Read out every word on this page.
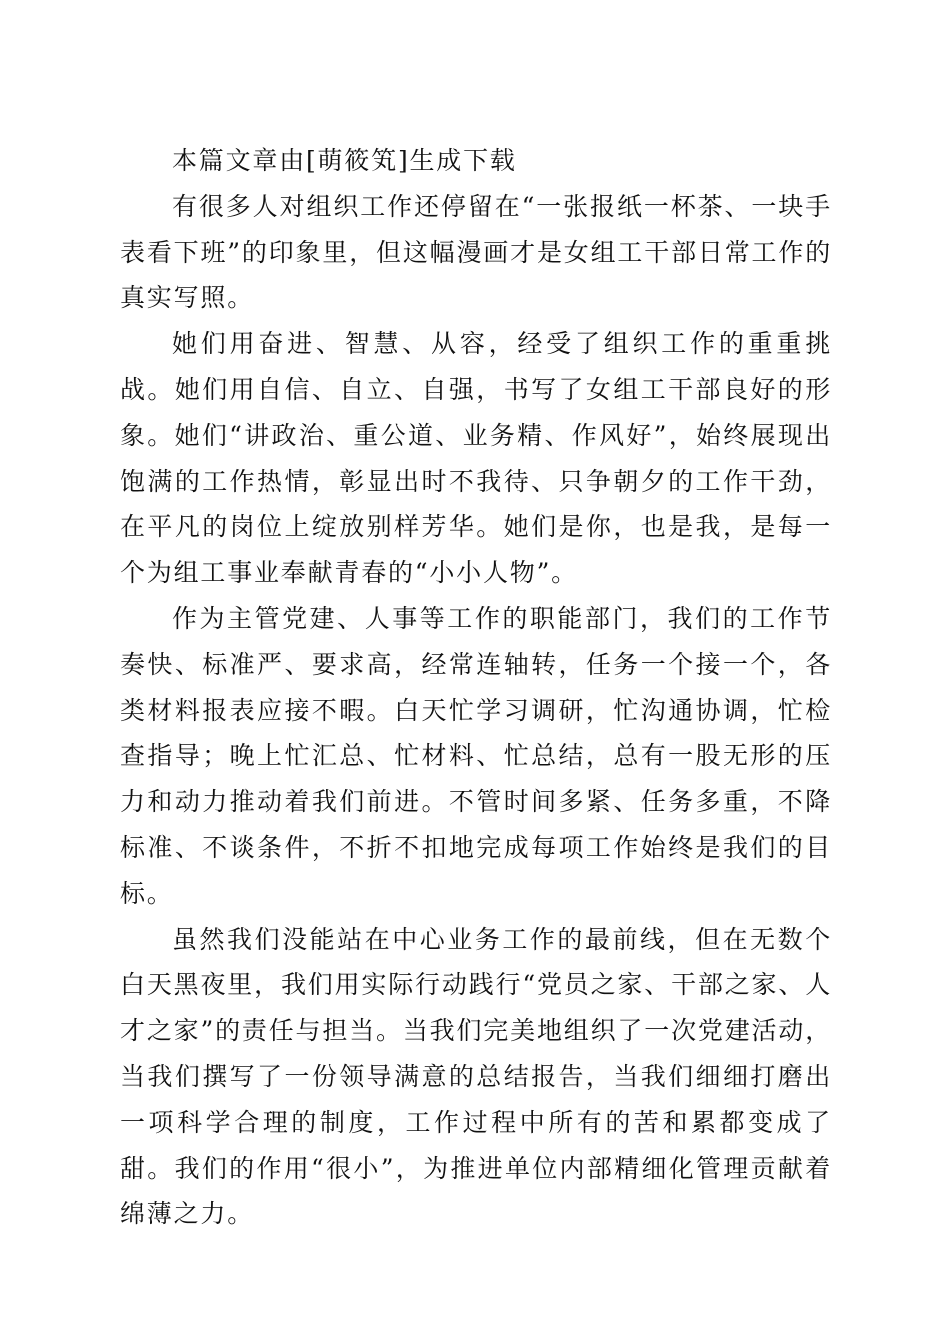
本篇文章由[萌筱笂]生成下载

有很多人对组织工作还停留在“一张报纸一杯茶、一块手表看下班”的印象里，但这幅漫画才是女组工干部日常工作的真实写照。

她们用奋进、智慧、从容，经受了组织工作的重重挑战。她们用自信、自立、自强，书写了女组工干部良好的形象。她们“讲政治、重公道、业务精、作风好”，始终展现出饱满的工作热情，彰显出时不我待、只争朝夕的工作干劲，在平凡的岗位上绽放别样芳华。她们是你，也是我，是每一个为组工事业奉献青春的“小小人物”。

作为主管党建、人事等工作的职能部门，我们的工作节奏快、标准严、要求高，经常连轴转，任务一个接一个，各类材料报表应接不暇。白天忙学习调研，忙沟通协调，忙检查指导；晚上忙汇总、忙材料、忙总结，总有一股无形的压力和动力推动着我们前进。不管时间多紧、任务多重，不降标准、不谈条件，不折不扣地完成每项工作始终是我们的目标。

虽然我们没能站在中心业务工作的最前线，但在无数个白天黑夜里，我们用实际行动践行“党员之家、干部之家、人才之家”的责任与担当。当我们完美地组织了一次党建活动，当我们撰写了一份领导满意的总结报告，当我们细细打磨出一项科学合理的制度，工作过程中所有的苦和累都变成了甜。我们的作用“很小”，为推进单位内部精细化管理贡献着绵薄之力。
